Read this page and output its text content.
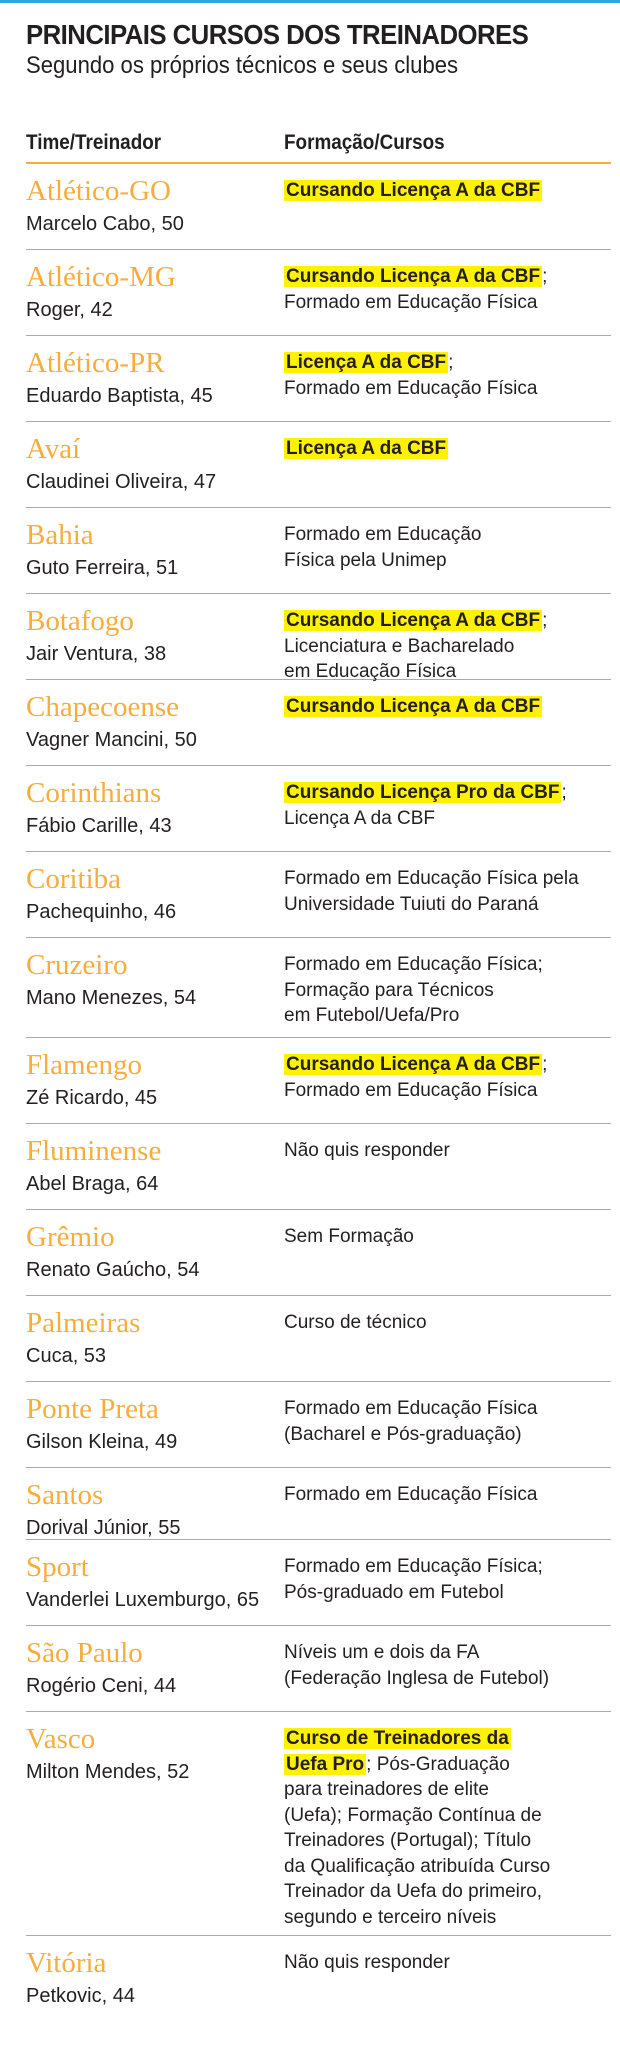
PRINCIPAIS CURSOS DOS TREINADORES
Segundo os próprios técnicos e seus clubes
Time/Treinador	Formação/Cursos
Atlético-GO
Marcelo Cabo, 50
Cursando Licença A da CBF
Atlético-MG
Roger, 42
Cursando Licença A da CBF ;
Formado em Educação Física
Atlético-PR
Eduardo Baptista, 45
Licença A da CBF ;
Formado em Educação Física
Avaí
Claudinei Oliveira, 47
Licença A da CBF
Bahia
Guto Ferreira, 51
Formado em Educação
Física pela Unimep
Botafogo
Jair Ventura, 38
Cursando Licença A da CBF ;
Licenciatura e Bacharelado
em Educação Física
Chapecoense
Vagner Mancini, 50
Cursando Licença A da CBF
Corinthians
Fábio Carille, 43
Cursando Licença Pro da CBF ;
Licença A da CBF
Coritiba
Pachequinho, 46
Formado em Educação Física pela
Universidade Tuiuti do Paraná
Cruzeiro
Mano Menezes, 54
Formado em Educação Física;
Formação para Técnicos
em Futebol/Uefa/Pro
Flamengo
Zé Ricardo, 45
Cursando Licença A da CBF ;
Formado em Educação Física
Fluminense
Abel Braga, 64
Não quis responder
Grêmio
Renato Gaúcho, 54
Sem Formação
Palmeiras
Cuca, 53
Curso de técnico
Ponte Preta
Gilson Kleina, 49
Formado em Educação Física
(Bacharel e Pós-graduação)
Santos
Dorival Júnior, 55
Formado em Educação Física
Sport
Vanderlei Luxemburgo, 65
Formado em Educação Física;
Pós-graduado em Futebol
São Paulo
Rogério Ceni, 44
Níveis um e dois da FA
(Federação Inglesa de Futebol)
Vasco
Milton Mendes, 52
Curso de Treinadores da
Uefa Pro ; Pós-Graduação
para treinadores de elite
(Uefa); Formação Contínua de
Treinadores (Portugal); Título
da Qualificação atribuída Curso
Treinador da Uefa do primeiro,
segundo e terceiro níveis
Vitória
Petkovic, 44
Não quis responder
